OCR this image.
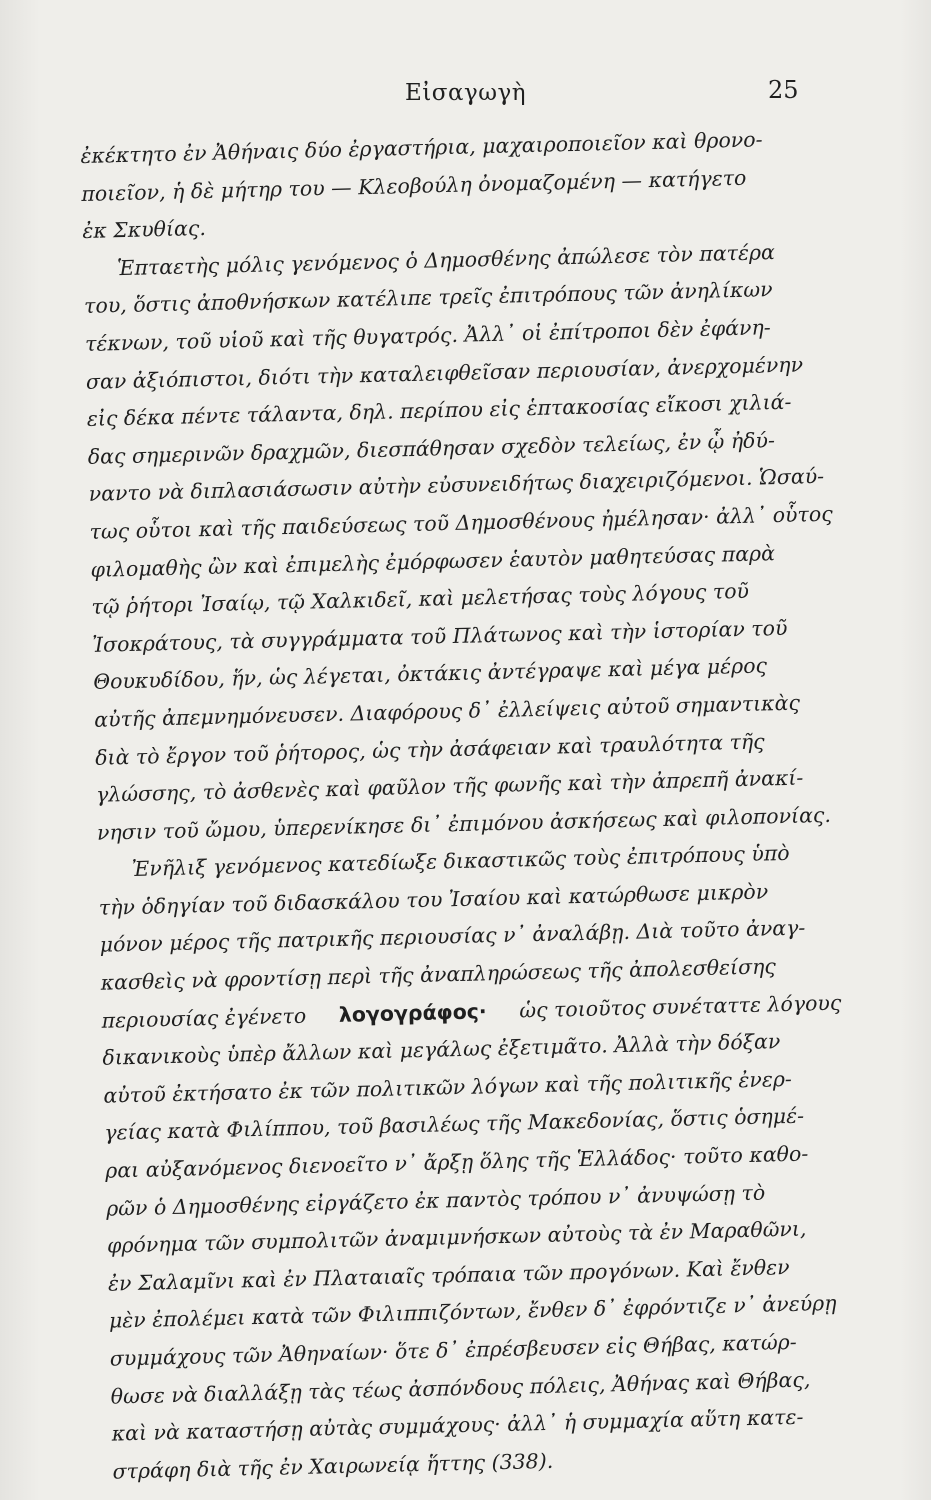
Εἰσαγωγὴ	25
ἐκέκτητο ἐν Ἀθήναις δύο ἐργαστήρια, μαχαιροποιεῖον καὶ θρονο-
ποιεῖον, ἡ δὲ μήτηρ του — Κλεοβούλη ὀνομαζομένη — κατήγετο
ἐκ Σκυθίας.
Ἑπταετὴς μόλις γενόμενος ὁ Δημοσθένης ἀπώλεσε τὸν πατέρα
του, ὅστις ἀποθνήσκων κατέλιπε τρεῖς ἐπιτρόπους τῶν ἀνηλίκων
τέκνων, τοῦ υἱοῦ καὶ τῆς θυγατρός. Ἀλλ᾿ οἱ ἐπίτροποι δὲν ἐφάνη-
σαν ἀξιόπιστοι, διότι τὴν καταλειφθεῖσαν περιουσίαν, ἀνερχομένην
εἰς δέκα πέντε τάλαντα, δηλ. περίπου εἰς ἑπτακοσίας εἴκοσι χιλιά-
δας σημερινῶν δραχμῶν, διεσπάθησαν σχεδὸν τελείως, ἐν ᾧ ἠδύ-
ναντο νὰ διπλασιάσωσιν αὐτὴν εὐσυνειδήτως διαχειριζόμενοι. Ὡσαύ-
τως οὗτοι καὶ τῆς παιδεύσεως τοῦ Δημοσθένους ἠμέλησαν· ἀλλ᾿ οὗτος
φιλομαθὴς ὢν καὶ ἐπιμελὴς ἐμόρφωσεν ἑαυτὸν μαθητεύσας παρὰ
τῷ ῥήτορι Ἰσαίῳ, τῷ Χαλκιδεῖ, καὶ μελετήσας τοὺς λόγους τοῦ
Ἰσοκράτους, τὰ συγγράμματα τοῦ Πλάτωνος καὶ τὴν ἱστορίαν τοῦ
Θουκυδίδου, ἥν, ὡς λέγεται, ὀκτάκις ἀντέγραψε καὶ μέγα μέρος
αὐτῆς ἀπεμνημόνευσεν. Διαφόρους δ᾿ ἐλλείψεις αὐτοῦ σημαντικὰς
διὰ τὸ ἔργον τοῦ ῥήτορος, ὡς τὴν ἀσάφειαν καὶ τραυλότητα τῆς
γλώσσης, τὸ ἀσθενὲς καὶ φαῦλον τῆς φωνῆς καὶ τὴν ἀπρεπῆ ἀνακί-
νησιν τοῦ ὤμου, ὑπερενίκησε δι᾿ ἐπιμόνου ἀσκήσεως καὶ φιλοπονίας.
Ἐνῆλιξ γενόμενος κατεδίωξε δικαστικῶς τοὺς ἐπιτρόπους ὑπὸ
τὴν ὁδηγίαν τοῦ διδασκάλου του Ἰσαίου καὶ κατώρθωσε μικρὸν
μόνον μέρος τῆς πατρικῆς περιουσίας ν᾿ ἀναλάβῃ. Διὰ τοῦτο ἀναγ-
κασθεὶς νὰ φροντίσῃ περὶ τῆς ἀναπληρώσεως τῆς ἀπολεσθείσης
περιουσίας ἐγένετο λογογράφος· ὡς τοιοῦτος συνέταττε λόγους
δικανικοὺς ὑπὲρ ἄλλων καὶ μεγάλως ἐξετιμᾶτο. Ἀλλὰ τὴν δόξαν
αὐτοῦ ἐκτήσατο ἐκ τῶν πολιτικῶν λόγων καὶ τῆς πολιτικῆς ἐνερ-
γείας κατὰ Φιλίππου, τοῦ βασιλέως τῆς Μακεδονίας, ὅστις ὁσημέ-
ραι αὐξανόμενος διενοεῖτο ν᾿ ἄρξῃ ὅλης τῆς Ἑλλάδος· τοῦτο καθο-
ρῶν ὁ Δημοσθένης εἰργάζετο ἐκ παντὸς τρόπου ν᾿ ἀνυψώσῃ τὸ
φρόνημα τῶν συμπολιτῶν ἀναμιμνήσκων αὐτοὺς τὰ ἐν Μαραθῶνι,
ἐν Σαλαμῖνι καὶ ἐν Πλαταιαῖς τρόπαια τῶν προγόνων. Καὶ ἔνθεν
μὲν ἐπολέμει κατὰ τῶν Φιλιππιζόντων, ἔνθεν δ᾿ ἐφρόντιζε ν᾿ ἀνεύρῃ
συμμάχους τῶν Ἀθηναίων· ὅτε δ᾿ ἐπρέσβευσεν εἰς Θήβας, κατώρ-
θωσε νὰ διαλλάξῃ τὰς τέως ἀσπόνδους πόλεις, Ἀθήνας καὶ Θήβας,
καὶ νὰ καταστήσῃ αὐτὰς συμμάχους· ἀλλ᾿ ἡ συμμαχία αὕτη κατε-
στράφη διὰ τῆς ἐν Χαιρωνείᾳ ἥττης (338).
